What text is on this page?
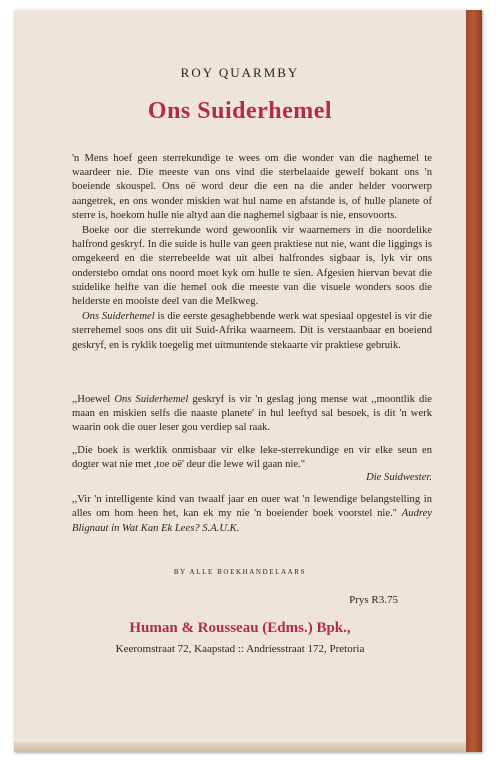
ROY QUARMBY
Ons Suiderhemel

'n Mens hoef geen sterrekundige te wees om die wonder van die naghemel te waardeer nie. Die meeste van ons vind die sterbelaaide gewelf bokant ons 'n boeiende skouspel. Ons oë word deur die een na die ander helder voorwerp aangetrek, en ons wonder miskien wat hul name en afstande is, of hulle planete of sterre is, hoekom hulle nie altyd aan die naghemel sigbaar is nie, ensovoorts.

Boeke oor die sterrekunde word gewoonlik vir waarnemers in die noordelike halfrond geskryf. In die suide is hulle van geen praktiese nut nie, want die liggings is omgekeerd en die sterrebeelde wat uit albei halfrondes sigbaar is, lyk vir ons onderstebo omdat ons noord moet kyk om hulle te sien. Afgesien hiervan bevat die suidelike helfte van die hemel ook die meeste van die visuele wonders soos die helderste en moolste deel van die Melkweg.

Ons Suiderhemel is die eerste gesaghebbende werk wat spesiaal opgestel is vir die sterrehemel soos ons dit uit Suid-Afrika waarneem. Dit is verstaanbaar en boeiend geskryf, en is ryklik toegelig met uitmuntende stekaarte vir praktiese gebruik.

,,Hoewel Ons Suiderhemel geskryf is vir 'n geslag jong mense wat ,,moontlik die maan en miskien selfs die naaste planete' in hul leeftyd sal besoek, is dit 'n werk waarin ook die ouer leser gou verdiep sal raak.
,,Die boek is werklik onmisbaar vir elke leke-sterrekundige en vir elke seun en dogter wat nie met ,toe oë' deur die lewe wil gaan nie."
Die Suidwester.
,,Vir 'n intelligente kind van twaalf jaar en ouer wat 'n lewendige belangstelling in alles om hom heen het, kan ek my nie 'n boeiender boek voorstel nie." Audrey Blignaut in Wat Kan Ek Lees? S.A.U.K.
BY ALLE BOEKHANDELAARS
Prys R3.75
Human & Rousseau (Edms.) Bpk.,
Keeromstraat 72, Kaapstad :: Andriesstraat 172, Pretoria
